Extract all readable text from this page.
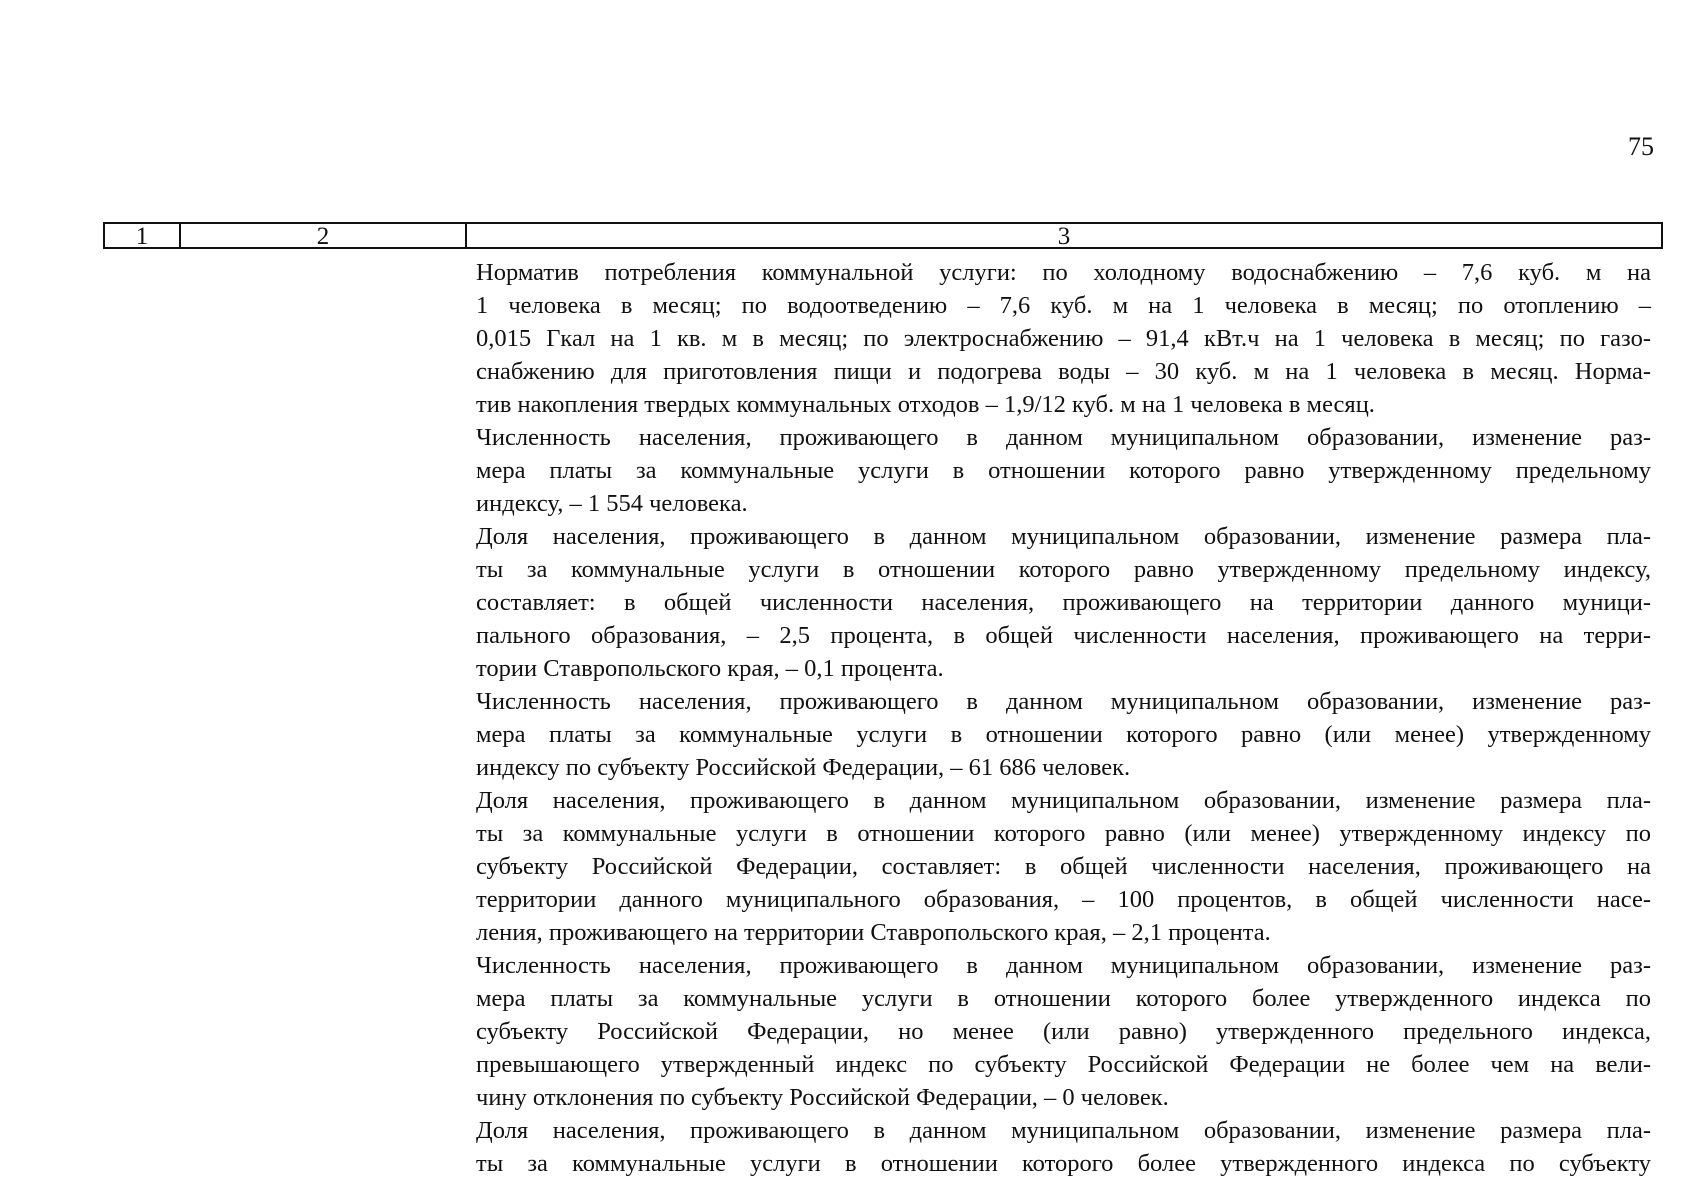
75
1	2	3
Норматив потребления коммунальной услуги: по холодному водоснабжению – 7,6 куб. м на
1 человека в месяц; по водоотведению – 7,6 куб. м на 1 человека в месяц; по отоплению –
0,015 Гкал на 1 кв. м в месяц; по электроснабжению – 91,4 кВт.ч на 1 человека в месяц; по газо-
снабжению для приготовления пищи и подогрева воды – 30 куб. м на 1 человека в месяц. Норма-
тив накопления твердых коммунальных отходов – 1,9/12 куб. м на 1 человека в месяц.
Численность населения, проживающего в данном муниципальном образовании, изменение раз-
мера платы за коммунальные услуги в отношении которого равно утвержденному предельному
индексу, – 1 554 человека.
Доля населения, проживающего в данном муниципальном образовании, изменение размера пла-
ты за коммунальные услуги в отношении которого равно утвержденному предельному индексу,
составляет: в общей численности населения, проживающего на территории данного муници-
пального образования, – 2,5 процента, в общей численности населения, проживающего на терри-
тории Ставропольского края, – 0,1 процента.
Численность населения, проживающего в данном муниципальном образовании, изменение раз-
мера платы за коммунальные услуги в отношении которого равно (или менее) утвержденному
индексу по субъекту Российской Федерации, – 61 686 человек.
Доля населения, проживающего в данном муниципальном образовании, изменение размера пла-
ты за коммунальные услуги в отношении которого равно (или менее) утвержденному индексу по
субъекту Российской Федерации, составляет: в общей численности населения, проживающего на
территории данного муниципального образования, – 100 процентов, в общей численности насе-
ления, проживающего на территории Ставропольского края, – 2,1 процента.
Численность населения, проживающего в данном муниципальном образовании, изменение раз-
мера платы за коммунальные услуги в отношении которого более утвержденного индекса по
субъекту Российской Федерации, но менее (или равно) утвержденного предельного индекса,
превышающего утвержденный индекс по субъекту Российской Федерации не более чем на вели-
чину отклонения по субъекту Российской Федерации, – 0 человек.
Доля населения, проживающего в данном муниципальном образовании, изменение размера пла-
ты за коммунальные услуги в отношении которого более утвержденного индекса по субъекту
